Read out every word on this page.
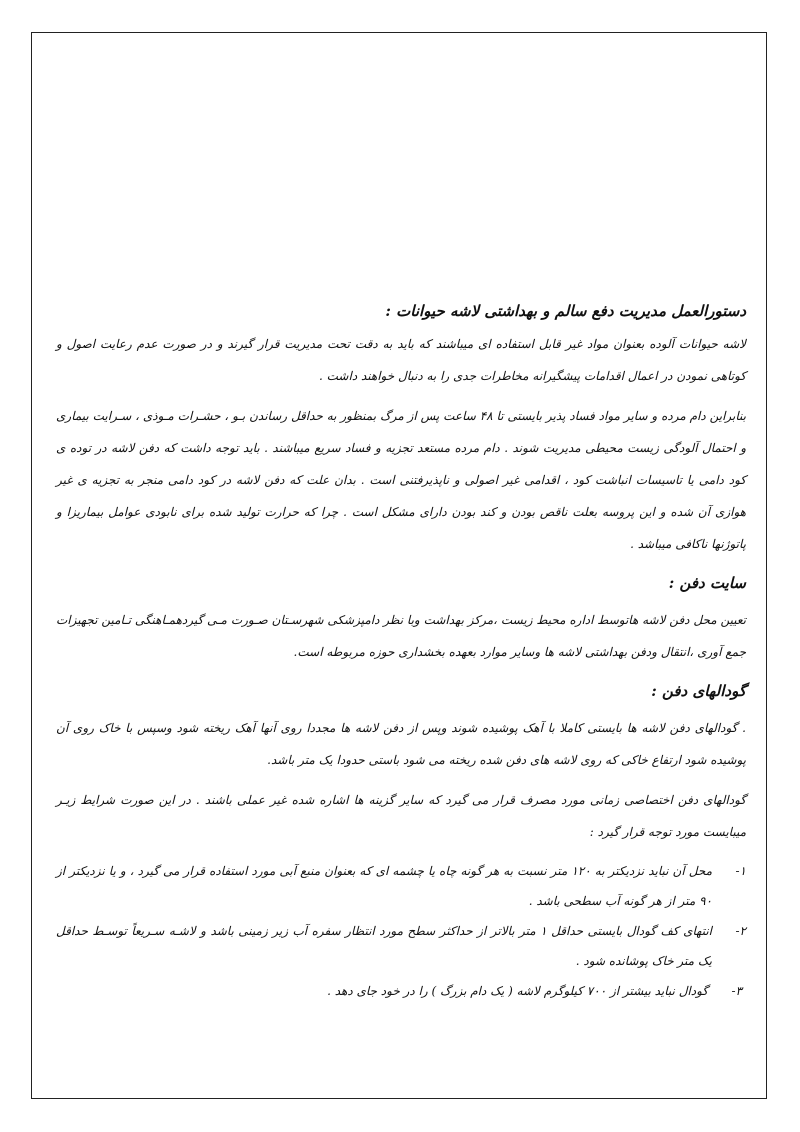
دستورالعمل مدیریت دفع سالم و بهداشتی لاشه حیوانات :

لاشه حیوانات آلوده بعنوان مواد غیر قابل استفاده ای میباشند که باید به دقت تحت مدیریت قرار گیرند و در صورت عدم رعایت اصول و کوتاهی نمودن در اعمال اقدامات پیشگیرانه مخاطرات جدی را به دنبال خواهند داشت .

بنابراین دام مرده و سایر مواد فساد پذیر بایستی تا ۴۸ ساعت پس از مرگ بمنظور به حداقل رساندن بـو ، حشـرات مـوذی ، سـرایت بیماری و احتمال آلودگی زیست محیطی مدیریت شوند . دام مرده مستعد تجزیه و فساد سریع میباشند . باید توجه داشت که دفن لاشه در توده ی کود دامی یا تاسیسات انباشت کود ، اقدامی غیر اصولی و ناپذیرفتنی است . بدان علت که دفن لاشه در کود دامی منجر به تجزیه ی غیر هوازی آن شده و این پروسه بعلت ناقص بودن و کند بودن دارای مشکل است . چرا که حرارت تولید شده برای نابودی عوامل بیماریزا و پاتوژنها ناکافی میباشد .

سایت دفن :

تعیین محل دفن لاشه هاتوسط اداره محیط زیست ،مرکز بهداشت وبا نظر دامپزشکی شهرسـتان صـورت مـی گیردهمـاهنگی تـامین تجهیزات جمع آوری ،انتقال ودفن بهداشتی لاشه ها وسایر موارد بعهده بخشداری حوزه مربوطه است.

گودالهای دفن :

. گودالهای دفن لاشه ها بایستی کاملا با آهک پوشیده شوند وپس از دفن لاشه ها مجددا روی آنها آهک ریخته شود وسپس با خاک روی آن پوشیده شود ارتفاع خاکی که روی لاشه های دفن شده ریخته می شود باستی حدودا یک متر باشد.

گودالهای دفن اختصاصی زمانی مورد مصرف قرار می گیرد که سایر گزینه ها اشاره شده غیر عملی باشند . در این صورت شرایط زیـر میبایست مورد توجه قرار گیرد :

۱-
محل آن نباید نزدیکتر به ۱۲۰ متر نسبت به هر گونه چاه یا چشمه ای که بعنوان منبع آبی مورد استفاده قرار می گیرد ، و یا نزدیکتر از ۹۰ متر از هر گونه آب سطحی باشد .
۲-
انتهای کف گودال بایستی حداقل ۱ متر بالاتر از حداکثر سطح مورد انتظار سفره آب زیر زمینی باشد و لاشـه سـریعاً توسـط حداقل یک متر خاک پوشانده شود .
۳-
گودال نباید بیشتر از ۷۰۰ کیلوگرم لاشه ( یک دام بزرگ ) را در خود جای دهد .
